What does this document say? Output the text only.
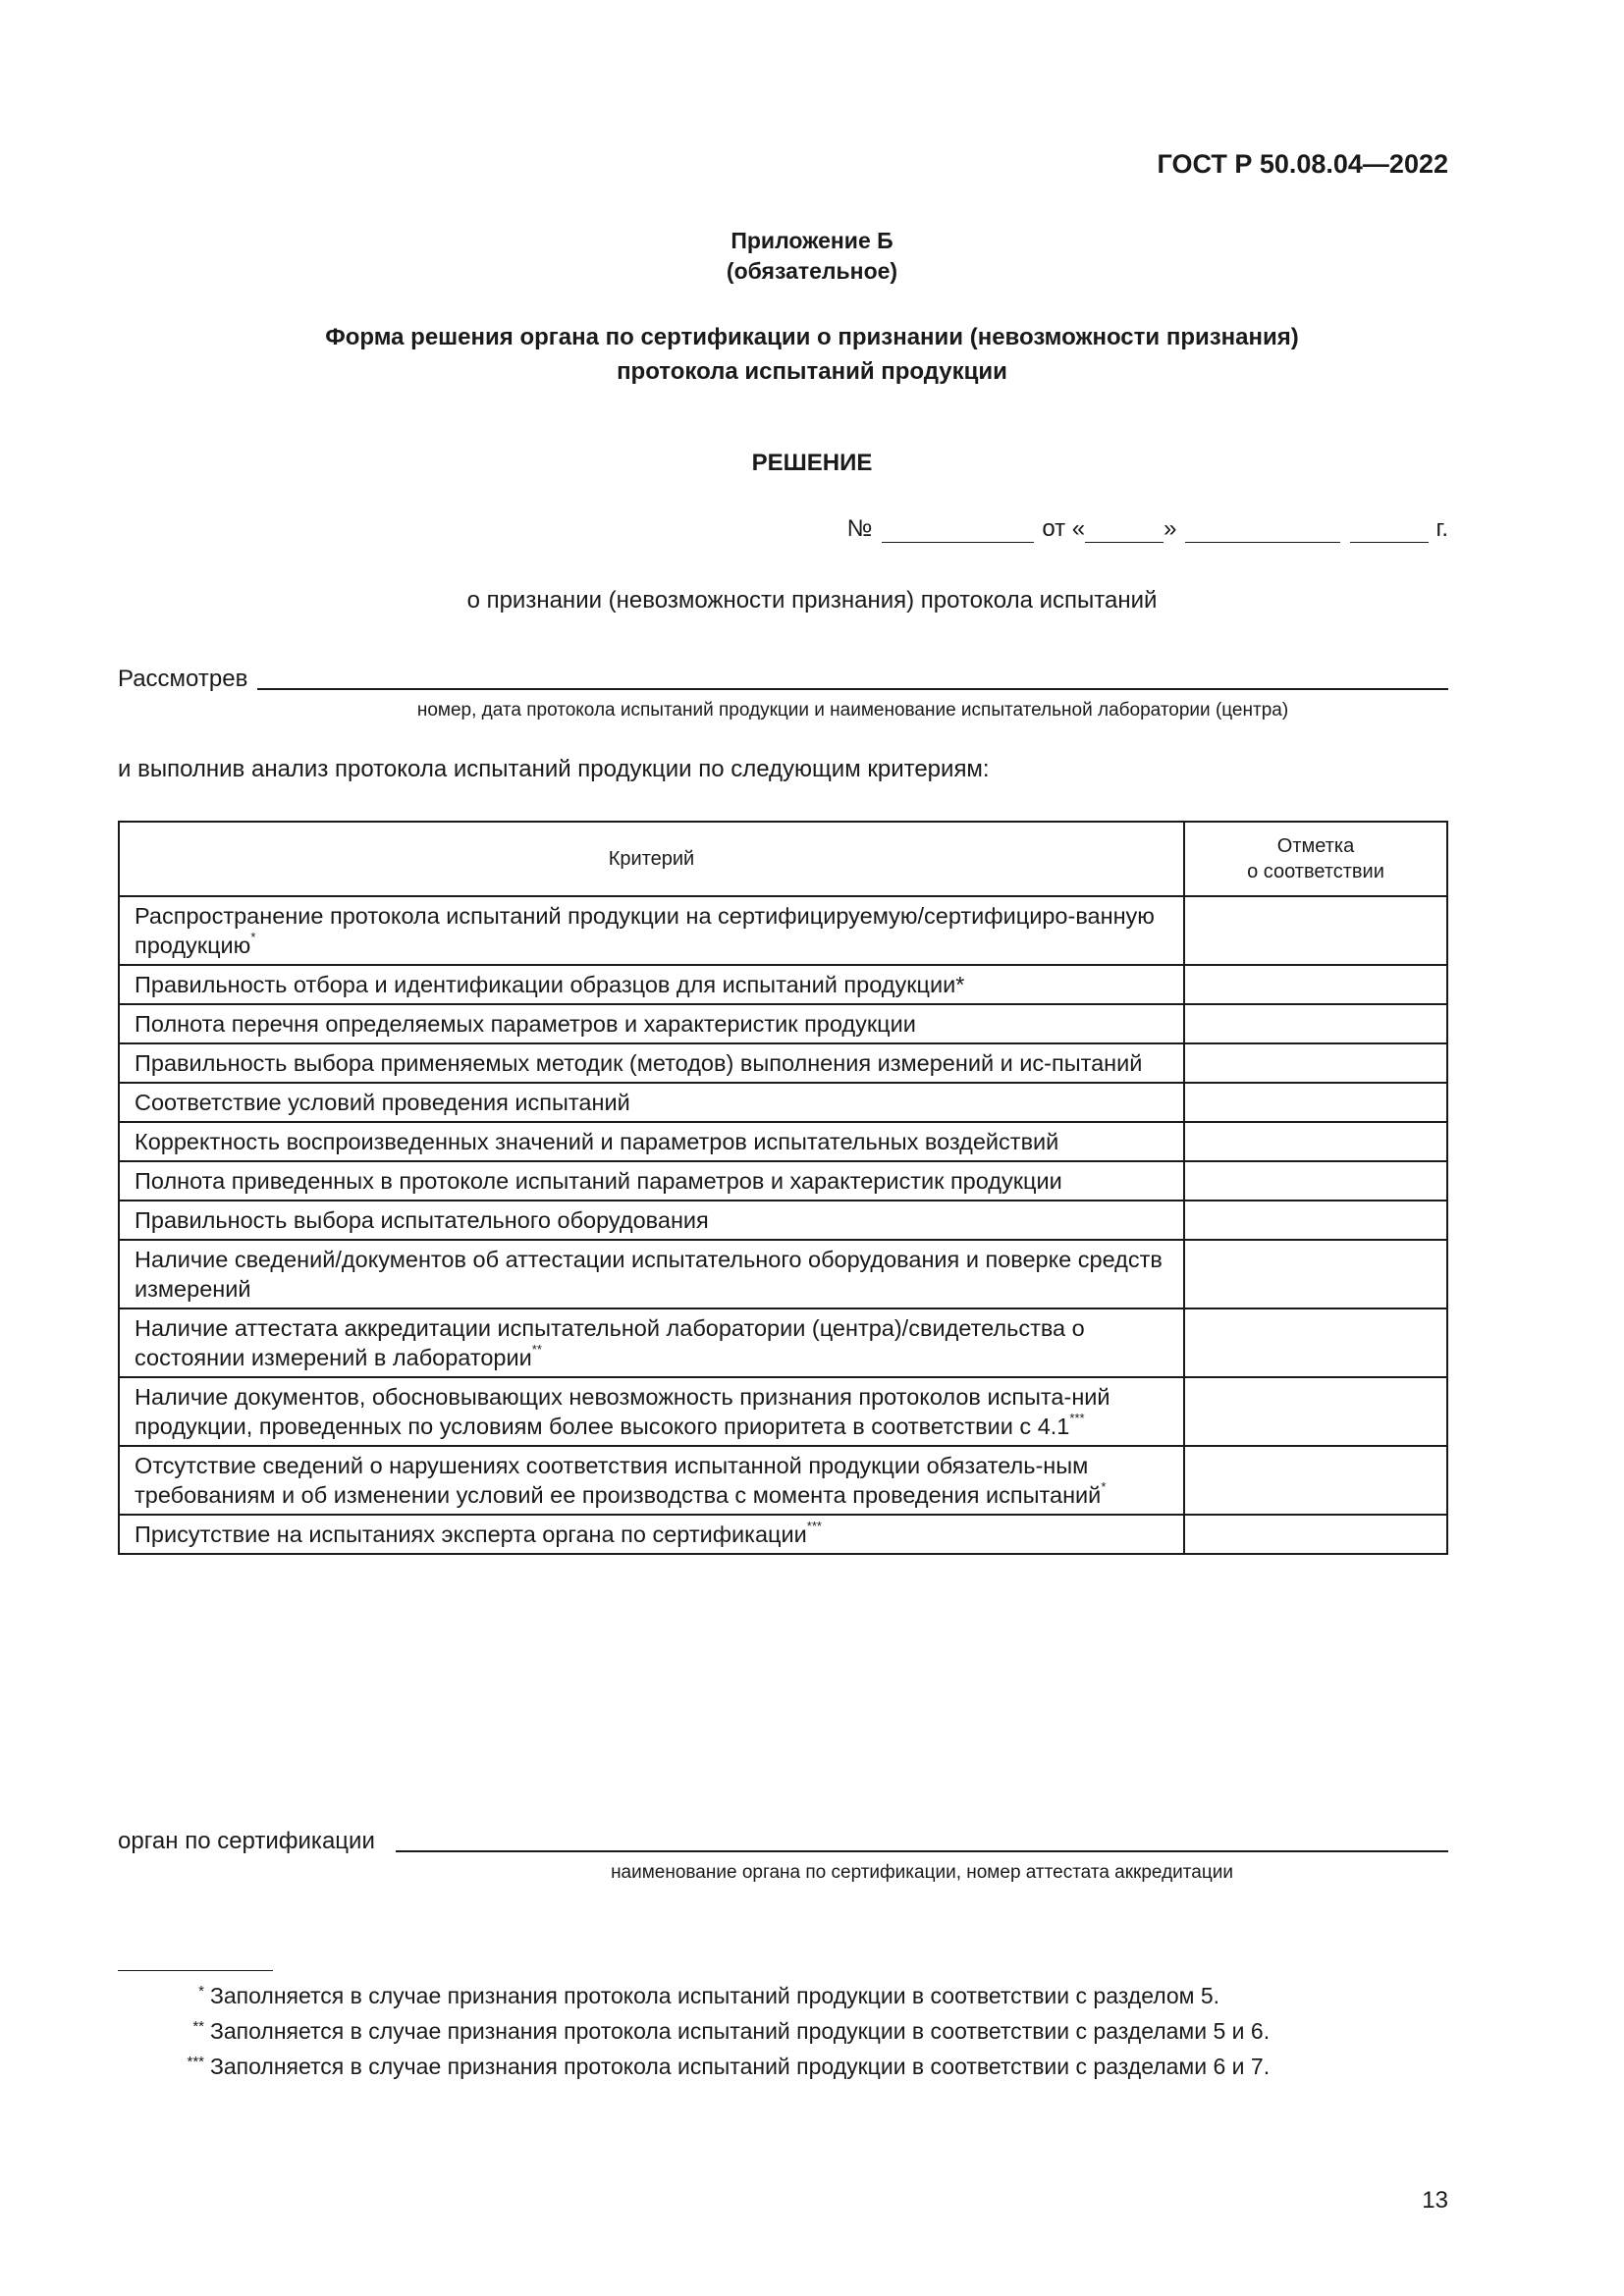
ГОСТ Р 50.08.04—2022
Приложение Б
(обязательное)
Форма решения органа по сертификации о признании (невозможности признания)
протокола испытаний продукции
РЕШЕНИЕ
№	от «	»	г.
о признании (невозможности признания) протокола испытаний
Рассмотрев
номер, дата протокола испытаний продукции и наименование испытательной лаборатории (центра)
и выполнив анализ протокола испытаний продукции по следующим критериям:
Критерий	Отметка
о соответствии
Распространение протокола испытаний продукции на сертифицируемую/сертифициро-ванную продукцию*	
Правильность отбора и идентификации образцов для испытаний продукции*	
Полнота перечня определяемых параметров и характеристик продукции	
Правильность выбора применяемых методик (методов) выполнения измерений и ис-пытаний	
Соответствие условий проведения испытаний	
Корректность воспроизведенных значений и параметров испытательных воздействий	
Полнота приведенных в протоколе испытаний параметров и характеристик продукции	
Правильность выбора испытательного оборудования	
Наличие сведений/документов об аттестации испытательного оборудования и поверке средств измерений	
Наличие аттестата аккредитации испытательной лаборатории (центра)/свидетельства о состоянии измерений в лаборатории**	
Наличие документов, обосновывающих невозможность признания протоколов испыта-ний продукции, проведенных по условиям более высокого приоритета в соответствии с 4.1***	
Отсутствие сведений о нарушениях соответствия испытанной продукции обязатель-ным требованиям и об изменении условий ее производства с момента проведения испытаний*	
Присутствие на испытаниях эксперта органа по сертификации***	
орган по сертификации
наименование органа по сертификации, номер аттестата аккредитации
* Заполняется в случае признания протокола испытаний продукции в соответствии с разделом 5.
** Заполняется в случае признания протокола испытаний продукции в соответствии с разделами 5 и 6.
*** Заполняется в случае признания протокола испытаний продукции в соответствии с разделами 6 и 7.
13
